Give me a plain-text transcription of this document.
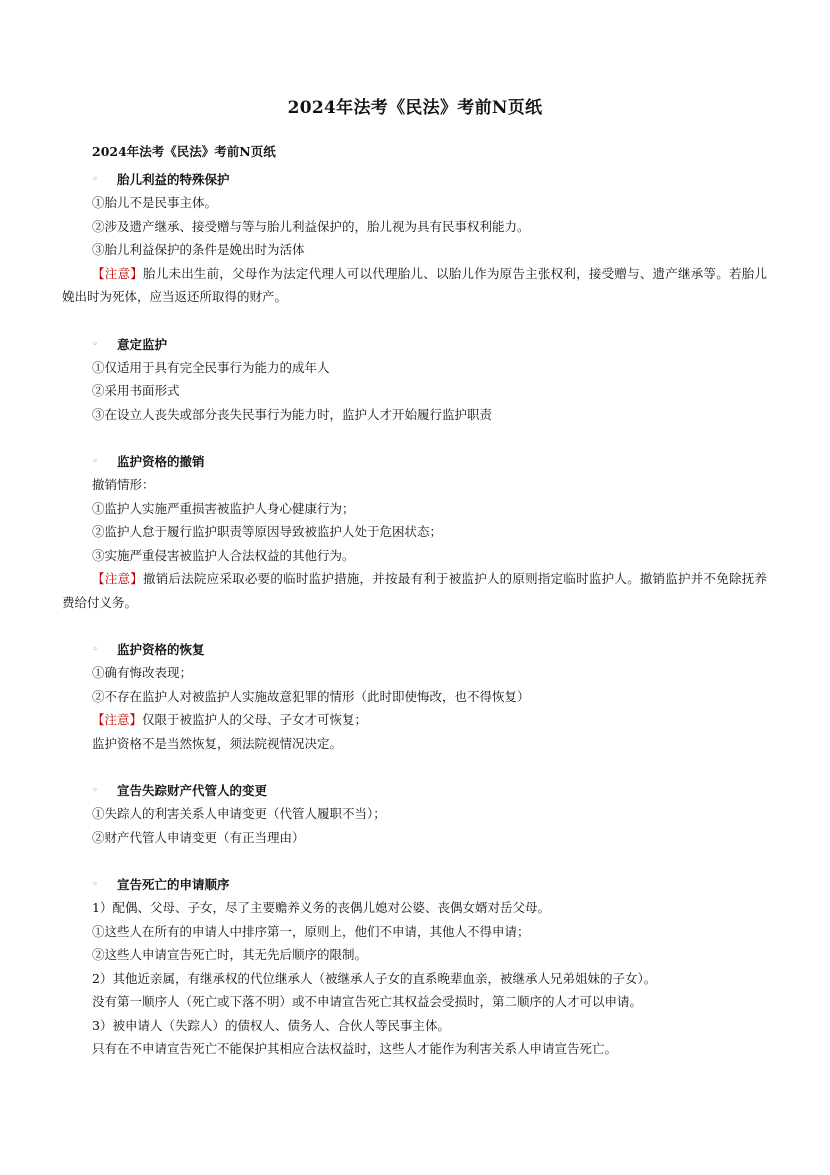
2024年法考《民法》考前N页纸
2024年法考《民法》考前N页纸
◦	胎儿利益的特殊保护
①胎儿不是民事主体。
②涉及遗产继承、接受赠与等与胎儿利益保护的，胎儿视为具有民事权利能力。
③胎儿利益保护的条件是娩出时为活体
【注意】胎儿未出生前，父母作为法定代理人可以代理胎儿、以胎儿作为原告主张权利，接受赠与、遗产继承等。若胎儿娩出时为死体，应当返还所取得的财产。
◦	意定监护
①仅适用于具有完全民事行为能力的成年人
②采用书面形式
③在设立人丧失或部分丧失民事行为能力时，监护人才开始履行监护职责
◦	监护资格的撤销
撤销情形：
①监护人实施严重损害被监护人身心健康行为；
②监护人怠于履行监护职责等原因导致被监护人处于危困状态；
③实施严重侵害被监护人合法权益的其他行为。
【注意】撤销后法院应采取必要的临时监护措施，并按最有利于被监护人的原则指定临时监护人。撤销监护并不免除抚养费给付义务。
◦	监护资格的恢复
①确有悔改表现；
②不存在监护人对被监护人实施故意犯罪的情形（此时即使悔改，也不得恢复）
【注意】仅限于被监护人的父母、子女才可恢复；
监护资格不是当然恢复，须法院视情况决定。
◦	宣告失踪财产代管人的变更
①失踪人的利害关系人申请变更（代管人履职不当）；
②财产代管人申请变更（有正当理由）
◦	宣告死亡的申请顺序
1）配偶、父母、子女，尽了主要赡养义务的丧偶儿媳对公婆、丧偶女婿对岳父母。
①这些人在所有的申请人中排序第一，原则上，他们不申请，其他人不得申请；
②这些人申请宣告死亡时，其无先后顺序的限制。
2）其他近亲属，有继承权的代位继承人（被继承人子女的直系晚辈血亲，被继承人兄弟姐妹的子女）。
没有第一顺序人（死亡或下落不明）或不申请宣告死亡其权益会受损时，第二顺序的人才可以申请。
3）被申请人（失踪人）的债权人、债务人、合伙人等民事主体。
只有在不申请宣告死亡不能保护其相应合法权益时，这些人才能作为利害关系人申请宣告死亡。
